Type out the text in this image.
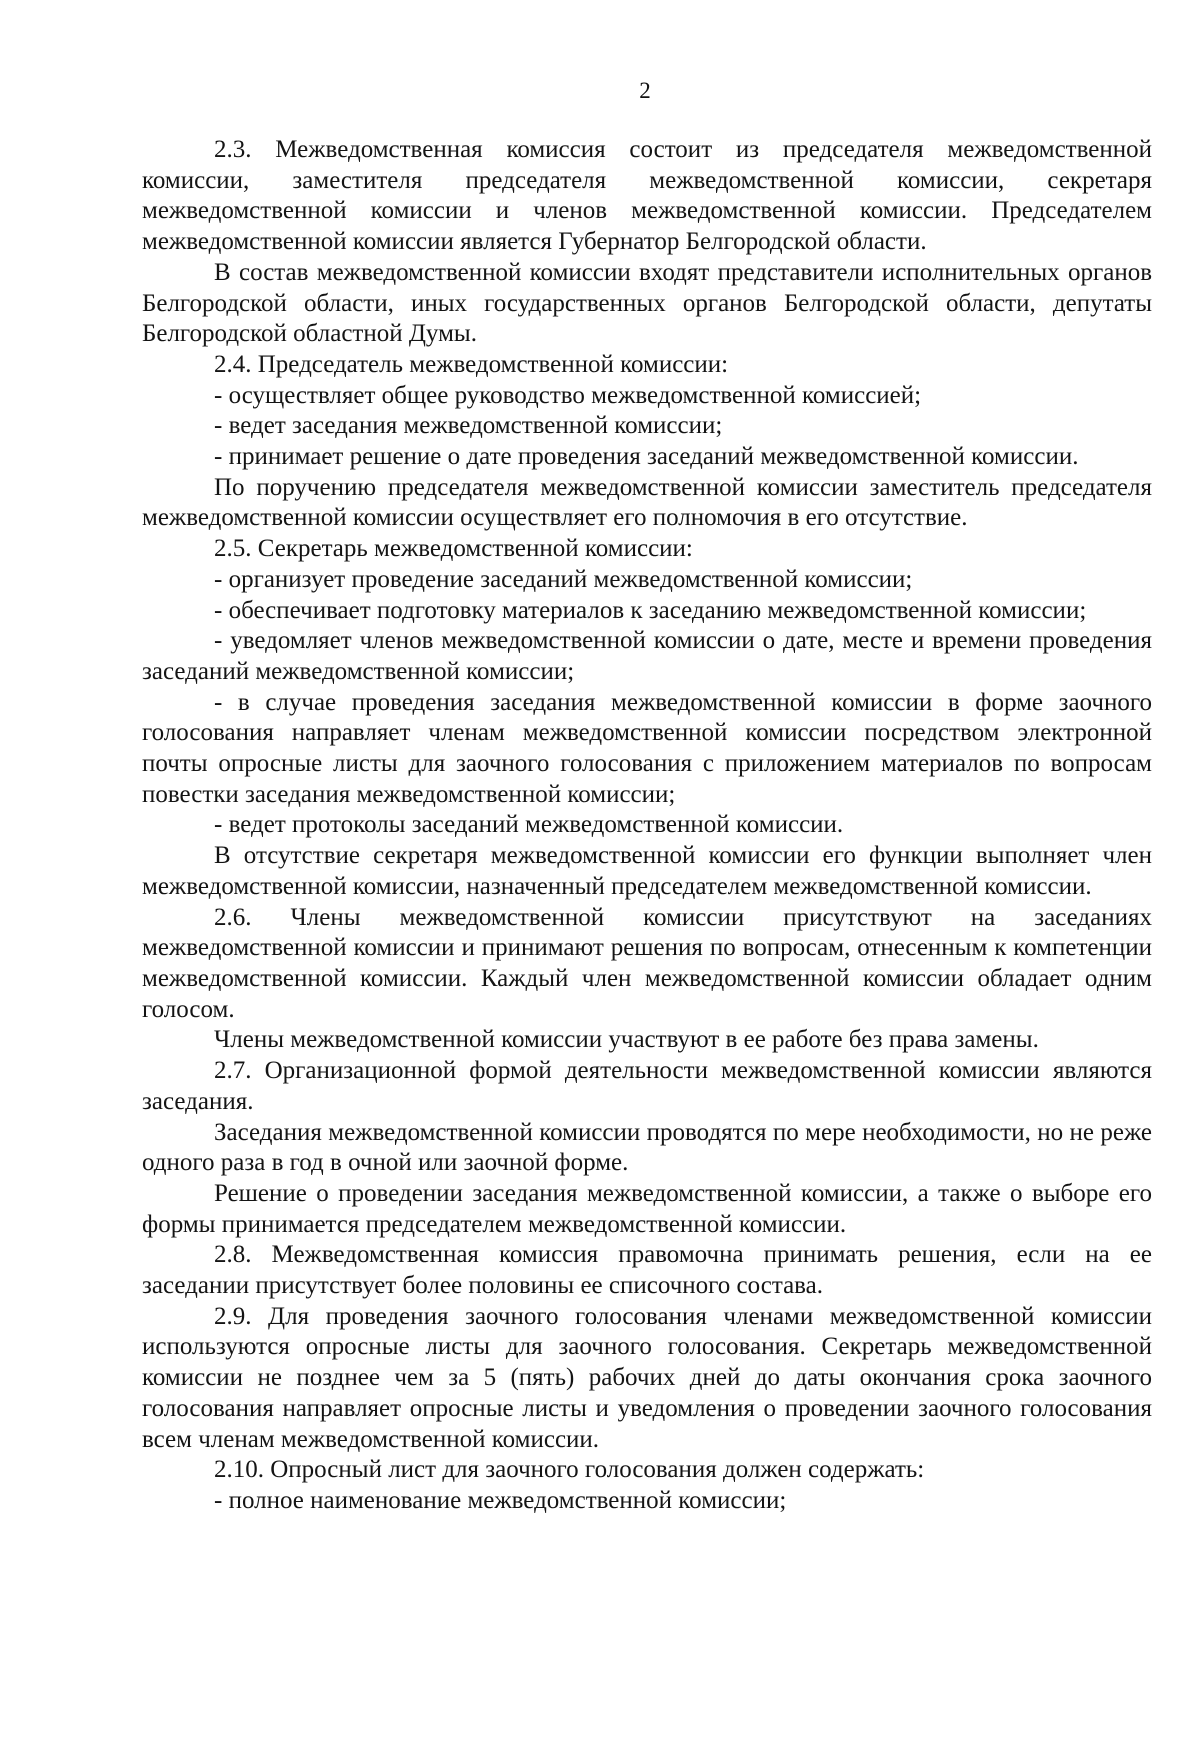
2

2.3. Межведомственная комиссия состоит из председателя межведомственной комиссии, заместителя председателя межведомственной комиссии, секретаря межведомственной комиссии и членов межведомственной комиссии. Председателем межведомственной комиссии является Губернатор Белгородской области.

В состав межведомственной комиссии входят представители исполнительных органов Белгородской области, иных государственных органов Белгородской области, депутаты Белгородской областной Думы.

2.4. Председатель межведомственной комиссии:

- осуществляет общее руководство межведомственной комиссией;

- ведет заседания межведомственной комиссии;

- принимает решение о дате проведения заседаний межведомственной комиссии.

По поручению председателя межведомственной комиссии заместитель председателя межведомственной комиссии осуществляет его полномочия в его отсутствие.

2.5. Секретарь межведомственной комиссии:

- организует проведение заседаний межведомственной комиссии;

- обеспечивает подготовку материалов к заседанию межведомственной комиссии;

- уведомляет членов межведомственной комиссии о дате, месте и времени проведения заседаний межведомственной комиссии;

- в случае проведения заседания межведомственной комиссии в форме заочного голосования направляет членам межведомственной комиссии посредством электронной почты опросные листы для заочного голосования с приложением материалов по вопросам повестки заседания межведомственной комиссии;

- ведет протоколы заседаний межведомственной комиссии.

В отсутствие секретаря межведомственной комиссии его функции выполняет член межведомственной комиссии, назначенный председателем межведомственной комиссии.

2.6. Члены межведомственной комиссии присутствуют на заседаниях межведомственной комиссии и принимают решения по вопросам, отнесенным к компетенции межведомственной комиссии. Каждый член межведомственной комиссии обладает одним голосом.

Члены межведомственной комиссии участвуют в ее работе без права замены.

2.7. Организационной формой деятельности межведомственной комиссии являются заседания.

Заседания межведомственной комиссии проводятся по мере необходимости, но не реже одного раза в год в очной или заочной форме.

Решение о проведении заседания межведомственной комиссии, а также о выборе его формы принимается председателем межведомственной комиссии.

2.8. Межведомственная комиссия правомочна принимать решения, если на ее заседании присутствует более половины ее списочного состава.

2.9. Для проведения заочного голосования членами межведомственной комиссии используются опросные листы для заочного голосования. Секретарь межведомственной комиссии не позднее чем за 5 (пять) рабочих дней до даты окончания срока заочного голосования направляет опросные листы и уведомления о проведении заочного голосования всем членам межведомственной комиссии.

2.10. Опросный лист для заочного голосования должен содержать:

- полное наименование межведомственной комиссии;
